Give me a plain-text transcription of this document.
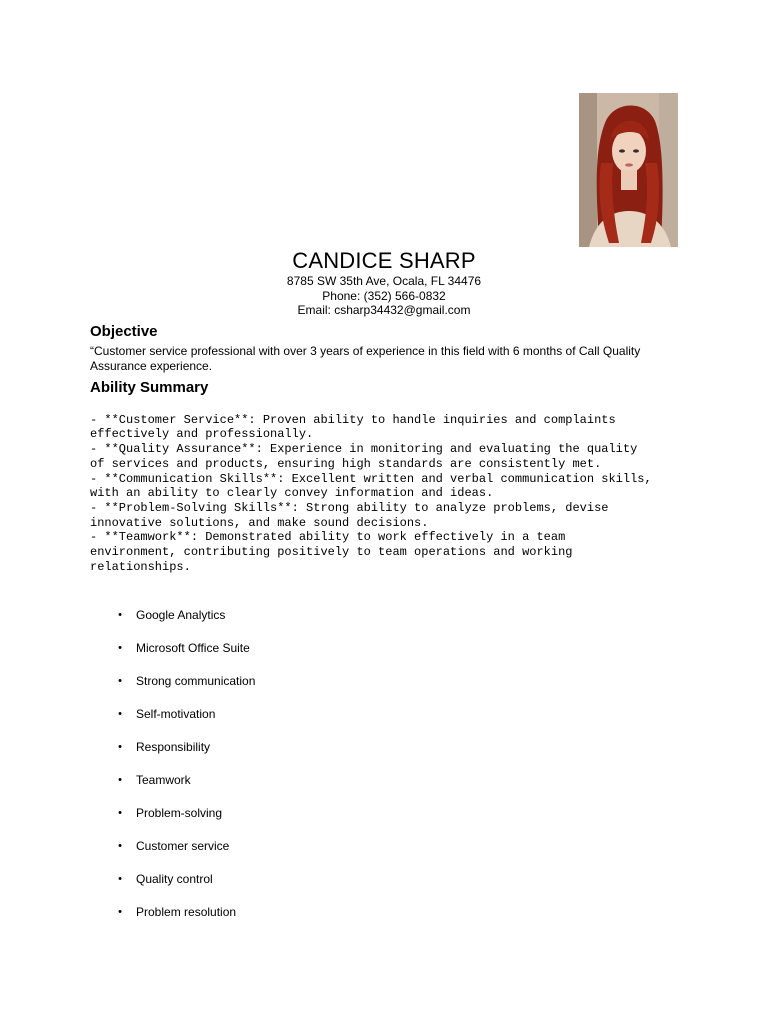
CANDICE SHARP
8785 SW 35th Ave, Ocala, FL 34476
Phone: (352) 566-0832
Email: csharp34432@gmail.com
Objective
“Customer service professional with over 3 years of experience in this field with 6 months of Call Quality Assurance experience.
Ability Summary

- **Customer Service**: Proven ability to handle inquiries and complaints
effectively and professionally.
- **Quality Assurance**: Experience in monitoring and evaluating the quality
of services and products, ensuring high standards are consistently met.
- **Communication Skills**: Excellent written and verbal communication skills,
with an ability to clearly convey information and ideas.
- **Problem-Solving Skills**: Strong ability to analyze problems, devise
innovative solutions, and make sound decisions.
- **Teamwork**: Demonstrated ability to work effectively in a team
environment, contributing positively to team operations and working
relationships.
•	Google Analytics
•	Microsoft Office Suite
•	Strong communication
•	Self-motivation
•	Responsibility
•	Teamwork
•	Problem-solving
•	Customer service
•	Quality control
•	Problem resolution
